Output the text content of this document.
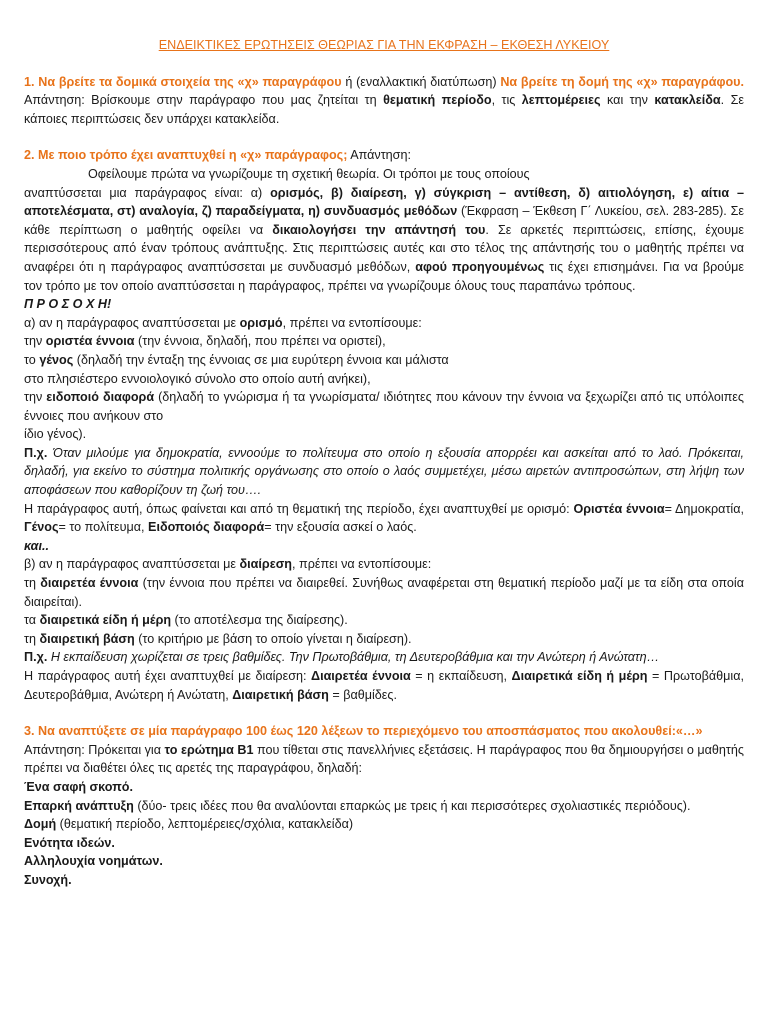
ΕΝΔΕΙΚΤΙΚΕΣ ΕΡΩΤΗΣΕΙΣ ΘΕΩΡΙΑΣ ΓΙΑ ΤΗΝ ΕΚΦΡΑΣΗ – ΕΚΘΕΣΗ ΛΥΚΕΙΟΥ

1. Να βρείτε τα δομικά στοιχεία της «χ» παραγράφου ή (εναλλακτική διατύπωση) Να βρείτε τη δομή της «χ» παραγράφου. Απάντηση: Βρίσκουμε στην παράγραφο που μας ζητείται τη θεματική περίοδο, τις λεπτομέρειες και την κατακλείδα. Σε κάποιες περιπτώσεις δεν υπάρχει κατακλείδα.

2. Με ποιο τρόπο έχει αναπτυχθεί η «χ» παράγραφος; Απάντηση:

Οφείλουμε πρώτα να γνωρίζουμε τη σχετική θεωρία. Οι τρόποι με τους οποίους

αναπτύσσεται μια παράγραφος είναι: α) ορισμός, β) διαίρεση, γ) σύγκριση – αντίθεση, δ) αιτιολόγηση, ε) αίτια – αποτελέσματα, στ) αναλογία, ζ) παραδείγματα, η) συνδυασμός μεθόδων (Έκφραση – Έκθεση Γ΄ Λυκείου, σελ. 283-285). Σε κάθε περίπτωση ο μαθητής οφείλει να δικαιολογήσει την απάντησή του. Σε αρκετές περιπτώσεις, επίσης, έχουμε περισσότερους από έναν τρόπους ανάπτυξης. Στις περιπτώσεις αυτές και στο τέλος της απάντησής του ο μαθητής πρέπει να αναφέρει ότι η παράγραφος αναπτύσσεται με συνδυασμό μεθόδων, αφού προηγουμένως τις έχει επισημάνει. Για να βρούμε τον τρόπο με τον οποίο αναπτύσσεται η παράγραφος, πρέπει να γνωρίζουμε όλους τους παραπάνω τρόπους.

Π Ρ Ο Σ Ο Χ Η!

α) αν η παράγραφος αναπτύσσεται με ορισμό, πρέπει να εντοπίσουμε:

την οριστέα έννοια (την έννοια, δηλαδή, που πρέπει να οριστεί),

το γένος (δηλαδή την ένταξη της έννοιας σε μια ευρύτερη έννοια και μάλιστα

στο πλησιέστερο εννοιολογικό σύνολο στο οποίο αυτή ανήκει),

την ειδοποιό διαφορά (δηλαδή το γνώρισμα ή τα γνωρίσματα/ ιδιότητες που κάνουν την έννοια να ξεχωρίζει από τις υπόλοιπες έννοιες που ανήκουν στο

ίδιο γένος).

Π.χ. Όταν μιλούμε για δημοκρατία, εννοούμε το πολίτευμα στο οποίο η εξουσία απορρέει και ασκείται από το λαό. Πρόκειται, δηλαδή, για εκείνο το σύστημα πολιτικής οργάνωσης στο οποίο ο λαός συμμετέχει, μέσω αιρετών αντιπροσώπων, στη λήψη των αποφάσεων που καθορίζουν τη ζωή του….

Η παράγραφος αυτή, όπως φαίνεται και από τη θεματική της περίοδο, έχει αναπτυχθεί με ορισμό: Οριστέα έννοια= Δημοκρατία, Γένος= το πολίτευμα, Ειδοποιός διαφορά= την εξουσία ασκεί ο λαός.

και..

β) αν η παράγραφος αναπτύσσεται με διαίρεση, πρέπει να εντοπίσουμε:

τη διαιρετέα έννοια (την έννοια που πρέπει να διαιρεθεί. Συνήθως αναφέρεται στη θεματική περίοδο μαζί με τα είδη στα οποία διαιρείται).

τα διαιρετικά είδη ή μέρη (το αποτέλεσμα της διαίρεσης).

τη διαιρετική βάση (το κριτήριο με βάση το οποίο γίνεται η διαίρεση).

Π.χ. Η εκπαίδευση χωρίζεται σε τρεις βαθμίδες. Την Πρωτοβάθμια, τη Δευτεροβάθμια και την Ανώτερη ή Ανώτατη…

Η παράγραφος αυτή έχει αναπτυχθεί με διαίρεση: Διαιρετέα έννοια = η εκπαίδευση, Διαιρετικά είδη ή μέρη = Πρωτοβάθμια, Δευτεροβάθμια, Ανώτερη ή Ανώτατη, Διαιρετική βάση = βαθμίδες.

3. Να αναπτύξετε σε μία παράγραφο 100 έως 120 λέξεων το περιεχόμενο του αποσπάσματος που ακολουθεί:«…»

Απάντηση: Πρόκειται για το ερώτημα Β1 που τίθεται στις πανελλήνιες εξετάσεις. Η παράγραφος που θα δημιουργήσει ο μαθητής πρέπει να διαθέτει όλες τις αρετές της παραγράφου, δηλαδή:

Ένα σαφή σκοπό.

Επαρκή ανάπτυξη (δύο- τρεις ιδέες που θα αναλύονται επαρκώς με τρεις ή και περισσότερες σχολιαστικές περιόδους).

Δομή (θεματική περίοδο, λεπτομέρειες/σχόλια, κατακλείδα)

Ενότητα ιδεών.

Αλληλουχία νοημάτων.

Συνοχή.
